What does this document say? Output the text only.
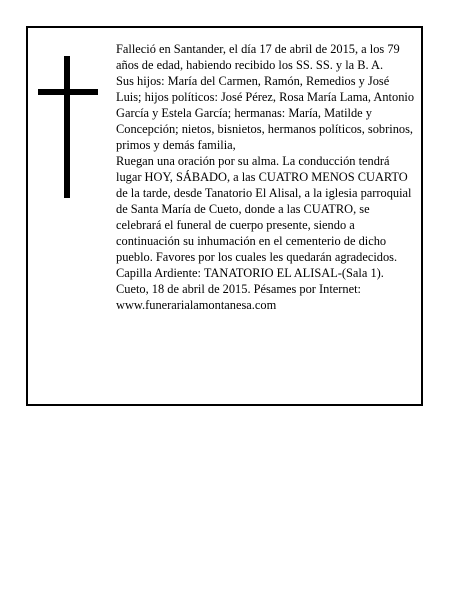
Falleció en Santander, el día 17 de abril de 2015, a los 79 años de edad, habiendo recibido los SS. SS. y la B. A.

Sus hijos: María del Carmen, Ramón, Remedios y José Luis; hijos políticos: José Pérez, Rosa María Lama, Antonio García y Estela García; hermanas: María, Matilde y Concepción; nietos, bisnietos, hermanos políticos, sobrinos, primos y demás familia,

Ruegan una oración por su alma. La conducción tendrá lugar HOY, SÁBADO, a las CUATRO MENOS CUARTO de la tarde, desde Tanatorio El Alisal, a la iglesia parroquial de Santa María de Cueto, donde a las CUATRO, se celebrará el funeral de cuerpo presente, siendo a continuación su inhumación en el cementerio de dicho pueblo. Favores por los cuales les quedarán agradecidos. Capilla Ardiente: TANATORIO EL ALISAL-(Sala 1).

Cueto, 18 de abril de 2015. Pésames por Internet: www.funerarialamontanesa.com
